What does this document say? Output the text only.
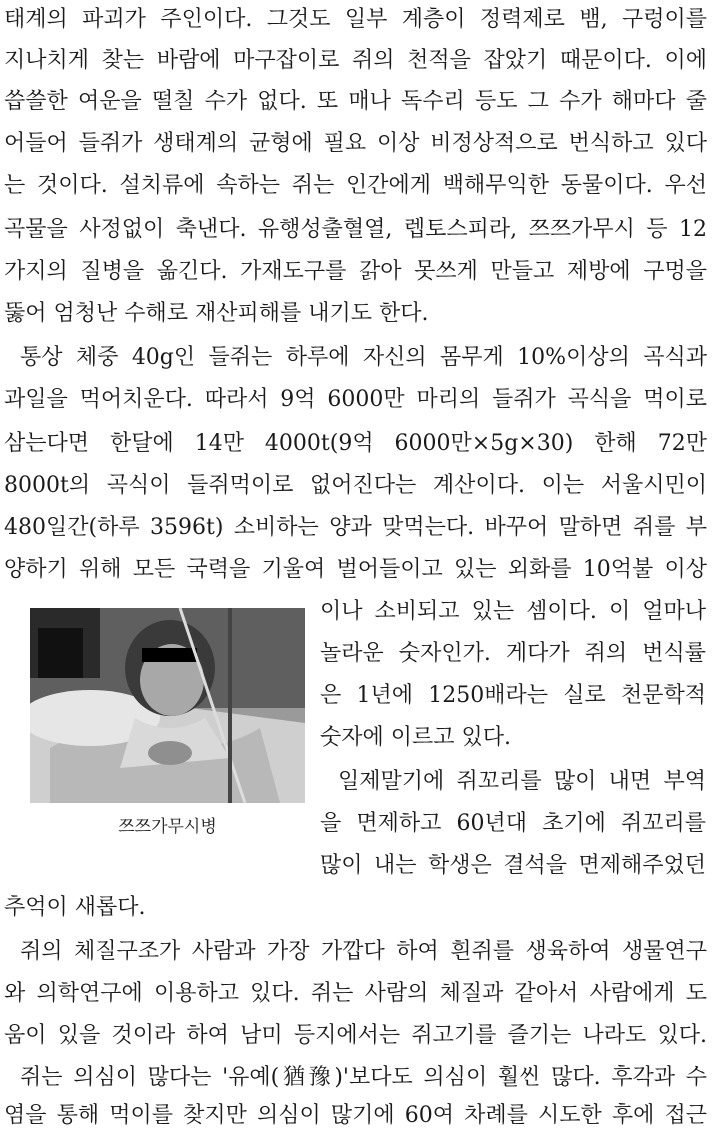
태계의 파괴가 주인이다. 그것도 일부 계층이 정력제로 뱀, 구렁이를
지나치게 찾는 바람에 마구잡이로 쥐의 천적을 잡았기 때문이다. 이에
씁쓸한 여운을 떨칠 수가 없다. 또 매나 독수리 등도 그 수가 해마다 줄
어들어 들쥐가 생태계의 균형에 필요 이상 비정상적으로 번식하고 있다
는 것이다. 설치류에 속하는 쥐는 인간에게 백해무익한 동물이다. 우선
곡물을 사정없이 축낸다. 유행성출혈열, 렙토스피라, 쯔쯔가무시 등 12
가지의 질병을 옮긴다. 가재도구를 갉아 못쓰게 만들고 제방에 구멍을
뚫어 엄청난 수해로 재산피해를 내기도 한다.
통상 체중 40g인 들쥐는 하루에 자신의 몸무게 10%이상의 곡식과
과일을 먹어치운다. 따라서 9억 6000만 마리의 들쥐가 곡식을 먹이로
삼는다면 한달에 14만 4000t(9억 6000만×5g×30) 한해 72만
8000t의 곡식이 들쥐먹이로 없어진다는 계산이다. 이는 서울시민이
480일간(하루 3596t) 소비하는 양과 맞먹는다. 바꾸어 말하면 쥐를 부
양하기 위해 모든 국력을 기울여 벌어들이고 있는 외화를 10억불 이상
쯔쯔가무시병
이나 소비되고 있는 셈이다. 이 얼마나
놀라운 숫자인가. 게다가 쥐의 번식률
은 1년에 1250배라는 실로 천문학적
숫자에 이르고 있다.
일제말기에 쥐꼬리를 많이 내면 부역
을 면제하고 60년대 초기에 쥐꼬리를
많이 내는 학생은 결석을 면제해주었던
추억이 새롭다.
쥐의 체질구조가 사람과 가장 가깝다 하여 흰쥐를 생육하여 생물연구
와 의학연구에 이용하고 있다. 쥐는 사람의 체질과 같아서 사람에게 도
움이 있을 것이라 하여 남미 등지에서는 쥐고기를 즐기는 나라도 있다.
쥐는 의심이 많다는 '유예(猶豫)'보다도 의심이 훨씬 많다. 후각과 수
염을 통해 먹이를 찾지만 의심이 많기에 60여 차례를 시도한 후에 접근
